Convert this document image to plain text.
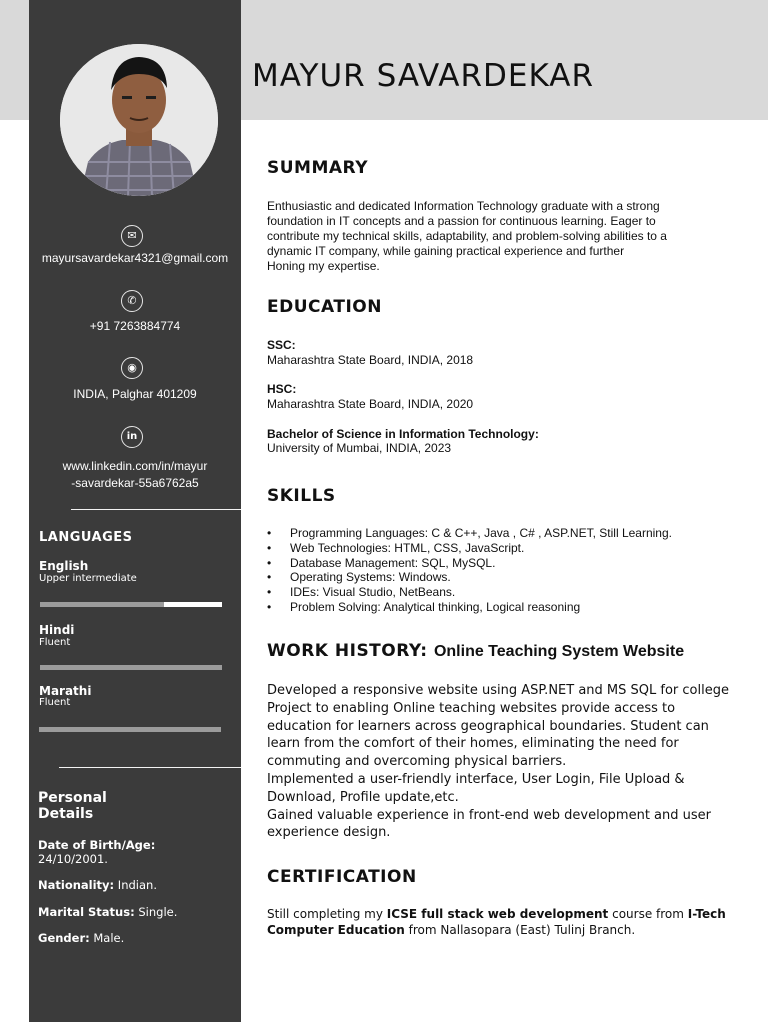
✉
mayursavardekar4321@gmail.com
✆
+91 7263884774
◉
INDIA, Palghar 401209
in
www.linkedin.com/in/mayur
-savardekar-55a6762a5
LANGUAGES
English
Upper intermediate
Hindi
Fluent
Marathi
Fluent
Personal
Details
Date of Birth/Age:
24/10/2001.
Nationality: Indian.
Marital Status: Single.
Gender: Male.
MAYUR SAVARDEKAR
SUMMARY
Enthusiastic and dedicated Information Technology graduate with a strong
foundation in IT concepts and a passion for continuous learning. Eager to
contribute my technical skills, adaptability, and problem-solving abilities to a
dynamic IT company, while gaining practical experience and further
Honing my expertise.
EDUCATION
SSC:
Maharashtra State Board, INDIA, 2018
HSC:
Maharashtra State Board, INDIA, 2020
Bachelor of Science in Information Technology:
University of Mumbai, INDIA, 2023
SKILLS
• Programming Languages: C & C++, Java , C# , ASP.NET, Still Learning.
• Web Technologies: HTML, CSS, JavaScript.
• Database Management: SQL, MySQL.
• Operating Systems: Windows.
• IDEs: Visual Studio, NetBeans.
• Problem Solving: Analytical thinking, Logical reasoning
WORK HISTORY: Online Teaching System Website
Developed a responsive website using ASP.NET and MS SQL for college
Project to enabling Online teaching websites provide access to
education for learners across geographical boundaries. Student can
learn from the comfort of their homes, eliminating the need for
commuting and overcoming physical barriers.
Implemented a user-friendly interface, User Login, File Upload &
Download, Profile update,etc.
Gained valuable experience in front-end web development and user
experience design.
CERTIFICATION
Still completing my ICSE full stack web development course from I-Tech Computer Education from Nallasopara (East) Tulinj Branch.
